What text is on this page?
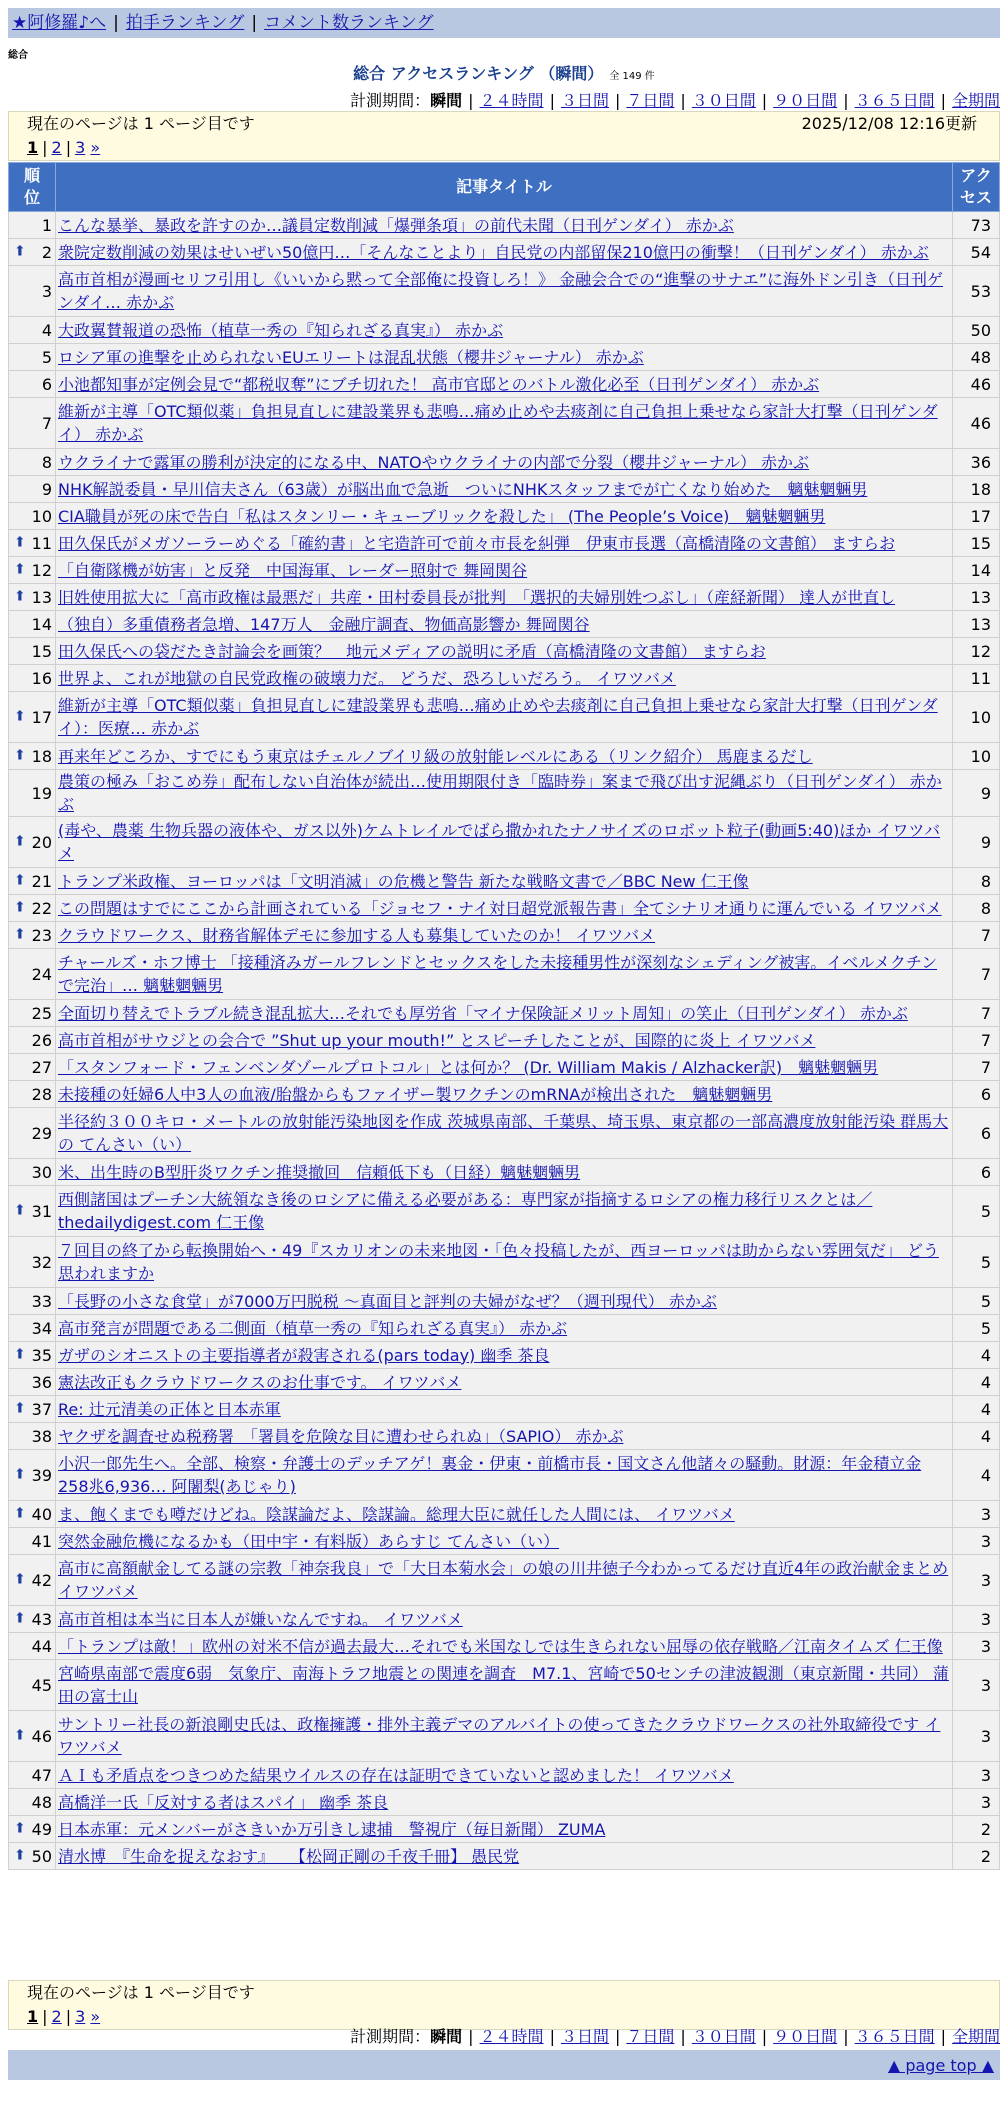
★阿修羅♪へ | 拍手ランキング | コメント数ランキング
総合
総合 アクセスランキング （瞬間） 全 149 件
計測期間：瞬間 | ２４時間 | ３日間 | ７日間 | ３０日間 | ９０日間 | ３６５日間 | 全期間
現在のページは 1 ページ目です	2025/12/08 12:16更新
1 | 2 | 3 »
順位	記事タイトル	アクセス

1	こんな暴挙、暴政を許すのか…議員定数削減「爆弾条項」の前代未聞（日刊ゲンダイ） 赤かぶ	73

⬆ 2	衆院定数削減の効果はせいぜい50億円…「そんなことより」自民党の内部留保210億円の衝撃！（日刊ゲンダイ） 赤かぶ	54
3	高市首相が漫画セリフ引用し《いいから黙って全部俺に投資しろ！》 金融会合での“進撃のサナエ”に海外ドン引き（日刊ゲンダイ… 赤かぶ	53
4	大政翼賛報道の恐怖（植草一秀の『知られざる真実』） 赤かぶ	50
5	ロシア軍の進撃を止められないEUエリートは混乱状態（櫻井ジャーナル） 赤かぶ	48
6	小池都知事が定例会見で“都税収奪”にブチ切れた！ 高市官邸とのバトル激化必至（日刊ゲンダイ） 赤かぶ	46
7	維新が主導「OTC類似薬」負担見直しに建設業界も悲鳴…痛め止めや去痰剤に自己負担上乗せなら家計大打撃（日刊ゲンダイ） 赤かぶ	46
8	ウクライナで露軍の勝利が決定的になる中、NATOやウクライナの内部で分裂（櫻井ジャーナル） 赤かぶ	36
9	NHK解説委員・早川信夫さん（63歳）が脳出血で急逝　ついにNHKスタッフまでが亡くなり始めた　魑魅魍魎男	18
10	CIA職員が死の床で告白「私はスタンリー・キューブリックを殺した」 (The People’s Voice)　魑魅魍魎男	17

⬆ 11	田久保氏がメガソーラーめぐる「確約書」と宅造許可で前々市長を糾弾　伊東市長選（高橋清隆の文書館） ますらお	15

⬆ 12	「自衛隊機が妨害」と反発　中国海軍、レーダー照射で 舞岡関谷	14

⬆ 13	旧姓使用拡大に「高市政権は最悪だ」共産・田村委員長が批判　「選択的夫婦別姓つぶし」（産経新聞） 達人が世直し	13
14	（独自）多重債務者急増、147万人　金融庁調査、物価高影響か 舞岡関谷	13
15	田久保氏への袋だたき討論会を画策？　地元メディアの説明に矛盾（高橋清隆の文書館） ますらお	12
16	世界よ、これが地獄の自民党政権の破壊力だ。 どうだ、恐ろしいだろう。 イワツバメ	11

⬆ 17	維新が主導「OTC類似薬」負担見直しに建設業界も悲鳴…痛め止めや去痰剤に自己負担上乗せなら家計大打撃（日刊ゲンダイ）：医療… 赤かぶ	10

⬆ 18	再来年どころか、すでにもう東京はチェルノブイリ級の放射能レベルにある（リンク紹介） 馬鹿まるだし	10
19	農策の極み「おこめ券」配布しない自治体が続出…使用期限付き「臨時券」案まで飛び出す泥縄ぶり（日刊ゲンダイ） 赤かぶ	9

⬆ 20	(毒や、農薬 生物兵器の液体や、ガス以外)ケムトレイルでばら撒かれたナノサイズのロボット粒子(動画5:40)ほか イワツバメ	9

⬆ 21	トランプ米政権、ヨーロッパは「文明消滅」の危機と警告 新たな戦略文書で／BBC New 仁王像	8

⬆ 22	この問題はすでにここから計画されている「ジョセフ・ナイ対日超党派報告書」全てシナリオ通りに運んでいる イワツバメ	8

⬆ 23	クラウドワークス、財務省解体デモに参加する人も募集していたのか！ イワツバメ	7
24	チャールズ・ホフ博士 「接種済みガールフレンドとセックスをした未接種男性が深刻なシェディング被害。イベルメクチンで完治」… 魑魅魍魎男	7
25	全面切り替えでトラブル続き混乱拡大…それでも厚労省「マイナ保険証メリット周知」の笑止（日刊ゲンダイ） 赤かぶ	7
26	高市首相がサウジとの会合で ”Shut up your mouth!” とスピーチしたことが、国際的に炎上 イワツバメ	7
27	「スタンフォード・フェンベンダゾールプロトコル」とは何か？ (Dr. William Makis / Alzhacker訳)　魑魅魍魎男	7
28	未接種の妊婦6人中3人の血液/胎盤からもファイザー製ワクチンのmRNAが検出された　魑魅魍魎男	6
29	半径約３００キロ・メートルの放射能汚染地図を作成 茨城県南部、千葉県、埼玉県、東京都の一部高濃度放射能汚染 群馬大の てんさい（い）	6
30	米、出生時のB型肝炎ワクチン推奨撤回　信頼低下も（日経）魑魅魍魎男	6

⬆ 31	西側諸国はプーチン大統領なき後のロシアに備える必要がある：専門家が指摘するロシアの権力移行リスクとは／thedailydigest.com 仁王像	5
32	７回目の終了から転換開始へ・49『スカリオンの未来地図・「色々投稿したが、西ヨーロッパは助からない雰囲気だ」 どう思われますか	5
33	「長野の小さな食堂」が7000万円脱税 ～真面目と評判の夫婦がなぜ？（週刊現代） 赤かぶ	5
34	高市発言が問題である二側面（植草一秀の『知られざる真実』） 赤かぶ	5

⬆ 35	ガザのシオニストの主要指導者が殺害される(pars today) 幽季 茶良	4
36	憲法改正もクラウドワークスのお仕事です。 イワツバメ	4

⬆ 37	Re: 辻元清美の正体と日本赤軍	4
38	ヤクザを調査せぬ税務署　「署員を危険な目に遭わせられぬ」（SAPIO） 赤かぶ	4

⬆ 39	小沢一郎先生へ。全部、検察・弁護士のデッチアゲ！裏金・伊東・前橋市長・国文さん他諸々の騒動。財源：年金積立金258兆6,936… 阿闍梨(あじゃり)	4

⬆ 40	ま、飽くまでも噂だけどね。陰謀論だよ、陰謀論。総理大臣に就任した人間には、 イワツバメ	3
41	突然金融危機になるかも（田中宇・有料版）あらすじ てんさい（い）	3

⬆ 42	高市に高額献金してる謎の宗教「神奈我良」で「大日本菊水会」の娘の川井徳子今わかってるだけ直近4年の政治献金まとめ イワツバメ	3

⬆ 43	高市首相は本当に日本人が嫌いなんですね。 イワツバメ	3
44	「トランプは敵！」欧州の対米不信が過去最大…それでも米国なしでは生きられない屈辱の依存戦略／江南タイムズ 仁王像	3
45	宮崎県南部で震度6弱　気象庁、南海トラフ地震との関連を調査　M7.1、宮崎で50センチの津波観測（東京新聞・共同） 蒲田の富士山	3

⬆ 46	サントリー社長の新浪剛史氏は、政権擁護・排外主義デマのアルバイトの使ってきたクラウドワークスの社外取締役です イワツバメ	3
47	ＡＩも矛盾点をつきつめた結果ウイルスの存在は証明できていないと認めました！ イワツバメ	3
48	高橋洋一氏「反対する者はスパイ」 幽季 茶良	3

⬆ 49	日本赤軍：元メンバーがさきいか万引きし逮捕　警視庁（毎日新聞） ZUMA	2

⬆ 50	清水博　『生命を捉えなおす』　　【松岡正剛の千夜千冊】 愚民党	2
現在のページは 1 ページ目です
1 | 2 | 3 »
計測期間：瞬間 | ２４時間 | ３日間 | ７日間 | ３０日間 | ９０日間 | ３６５日間 | 全期間
▲ page top ▲
